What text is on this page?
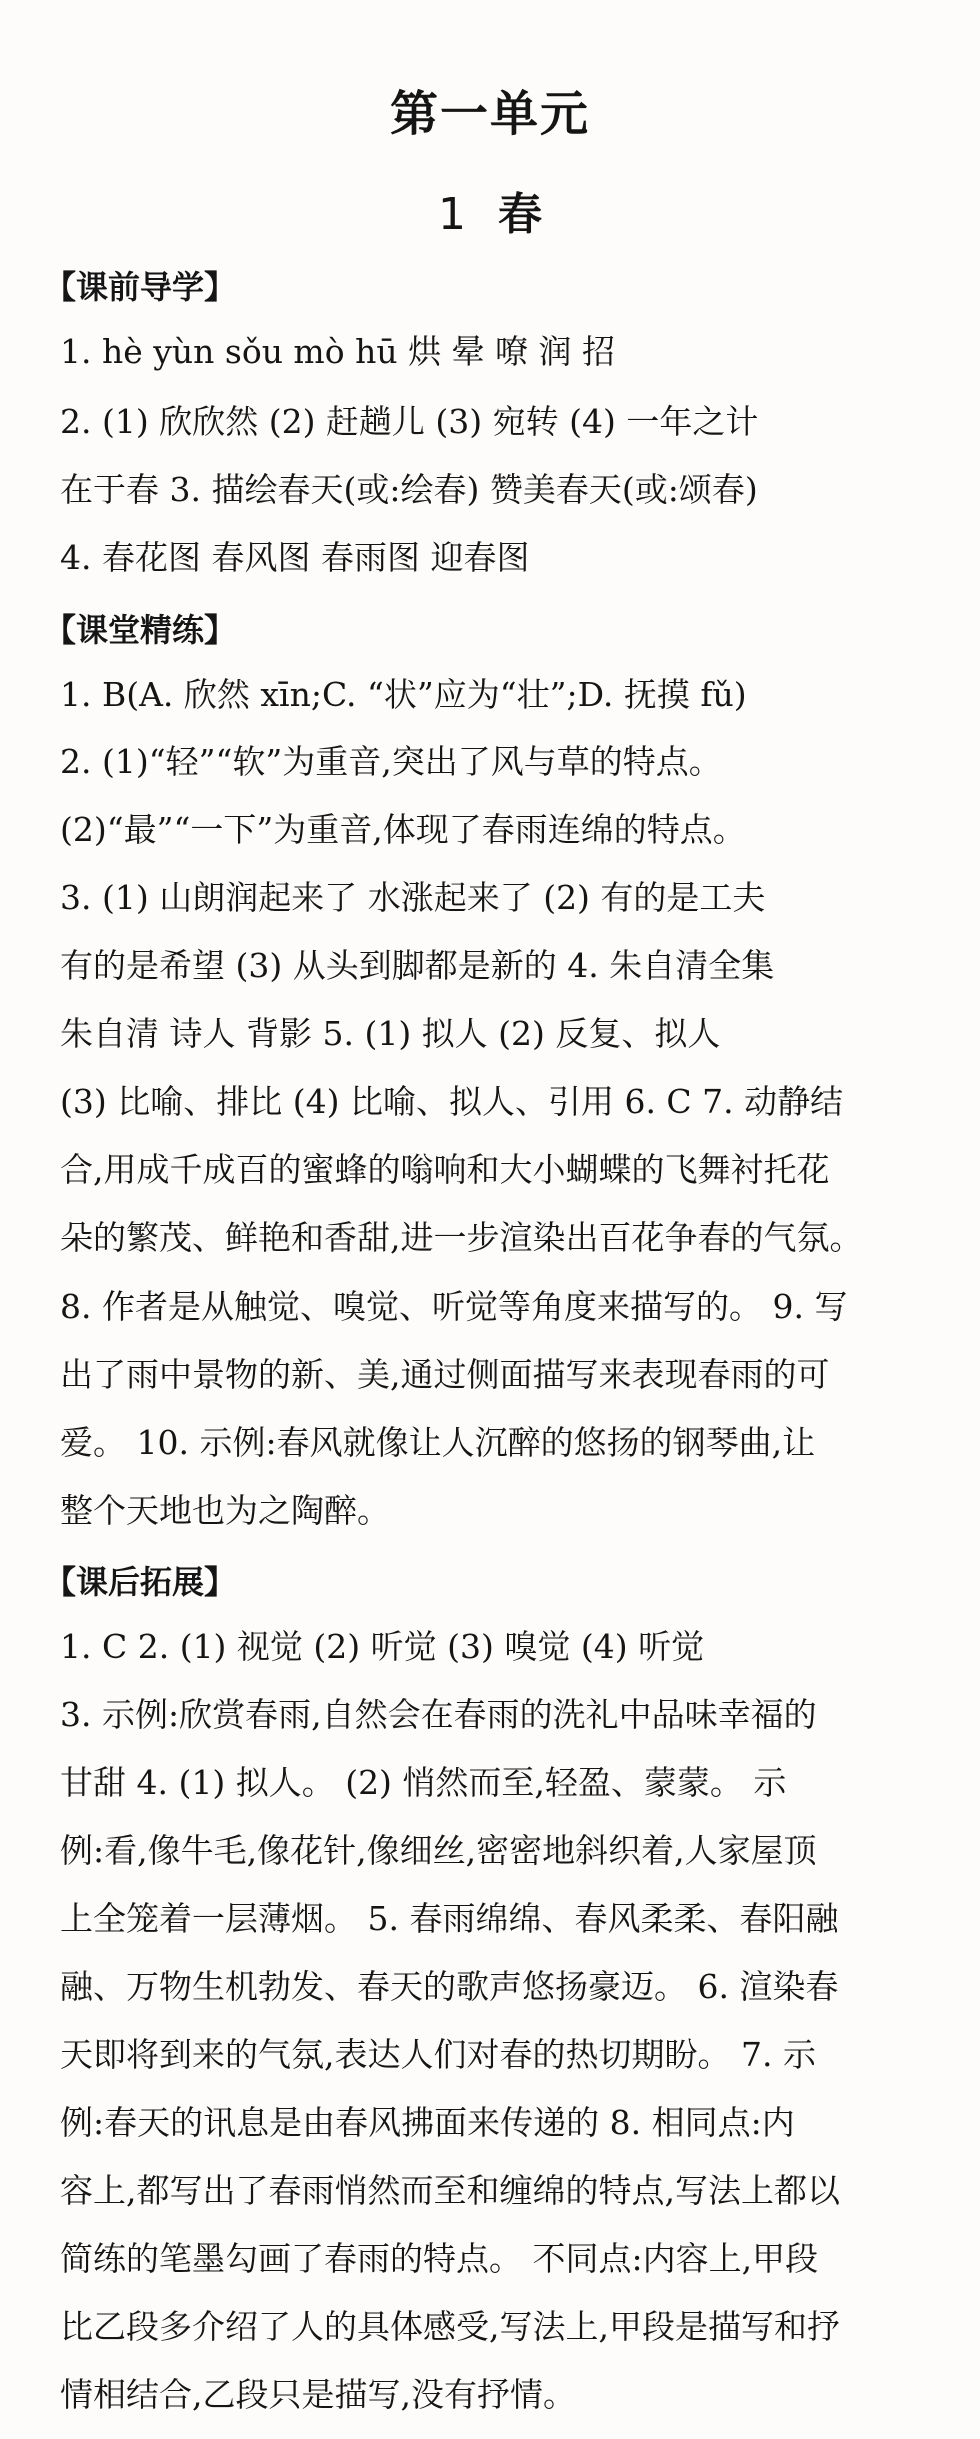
第一单元
1 春
【课前导学】
1. hè yùn sǒu mò hū 烘 晕 嘹 润 招
2. (1) 欣欣然 (2) 赶趟儿 (3) 宛转 (4) 一年之计
在于春 3. 描绘春天(或:绘春) 赞美春天(或:颂春)
4. 春花图 春风图 春雨图 迎春图
【课堂精练】
1. B(A. 欣然 xīn;C. “状”应为“壮”;D. 抚摸 fǔ)
2. (1)“轻”“软”为重音,突出了风与草的特点。
(2)“最”“一下”为重音,体现了春雨连绵的特点。
3. (1) 山朗润起来了 水涨起来了 (2) 有的是工夫
有的是希望 (3) 从头到脚都是新的 4. 朱自清全集
朱自清 诗人 背影 5. (1) 拟人 (2) 反复、拟人
(3) 比喻、排比 (4) 比喻、拟人、引用 6. C 7. 动静结
合,用成千成百的蜜蜂的嗡响和大小蝴蝶的飞舞衬托花
朵的繁茂、鲜艳和香甜,进一步渲染出百花争春的气氛。
8. 作者是从触觉、嗅觉、听觉等角度来描写的。 9. 写
出了雨中景物的新、美,通过侧面描写来表现春雨的可
爱。 10. 示例:春风就像让人沉醉的悠扬的钢琴曲,让
整个天地也为之陶醉。
【课后拓展】
1. C 2. (1) 视觉 (2) 听觉 (3) 嗅觉 (4) 听觉
3. 示例:欣赏春雨,自然会在春雨的洗礼中品味幸福的
甘甜 4. (1) 拟人。 (2) 悄然而至,轻盈、蒙蒙。 示
例:看,像牛毛,像花针,像细丝,密密地斜织着,人家屋顶
上全笼着一层薄烟。 5. 春雨绵绵、春风柔柔、春阳融
融、万物生机勃发、春天的歌声悠扬豪迈。 6. 渲染春
天即将到来的气氛,表达人们对春的热切期盼。 7. 示
例:春天的讯息是由春风拂面来传递的 8. 相同点:内
容上,都写出了春雨悄然而至和缠绵的特点,写法上都以
简练的笔墨勾画了春雨的特点。 不同点:内容上,甲段
比乙段多介绍了人的具体感受,写法上,甲段是描写和抒
情相结合,乙段只是描写,没有抒情。
